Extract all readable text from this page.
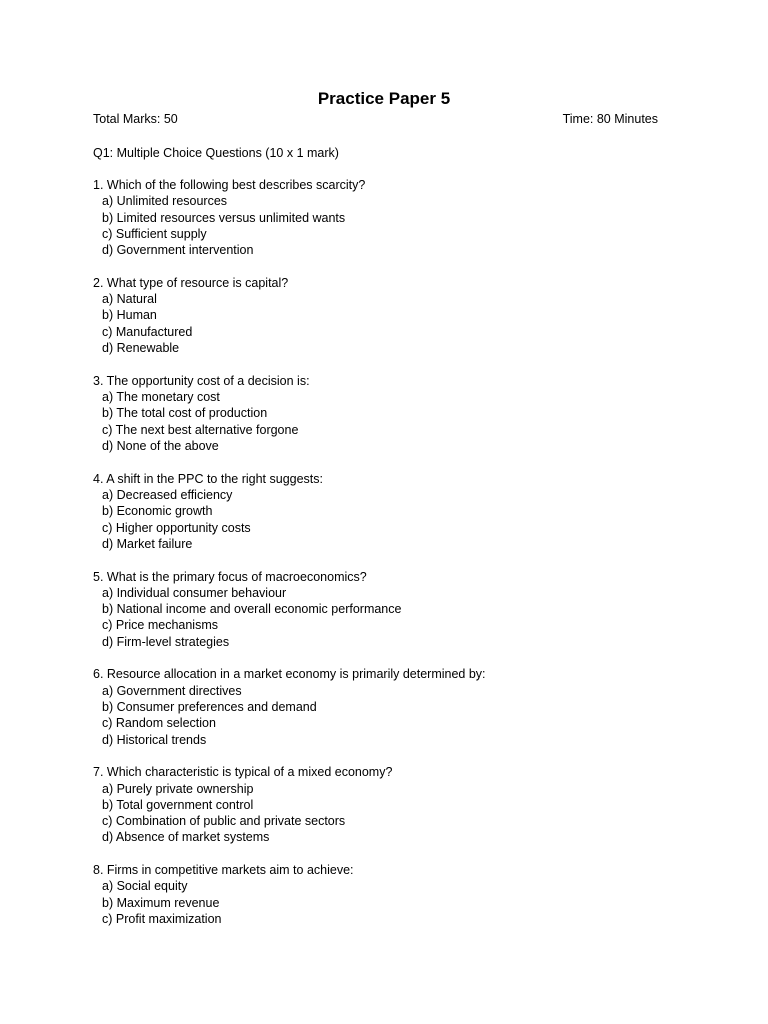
Practice Paper 5
Total Marks: 50	Time: 80 Minutes
Q1: Multiple Choice Questions (10 x 1 mark)
1. Which of the following best describes scarcity?
a) Unlimited resources
b) Limited resources versus unlimited wants
c) Sufficient supply
d) Government intervention
2. What type of resource is capital?
a) Natural
b) Human
c) Manufactured
d) Renewable
3. The opportunity cost of a decision is:
a) The monetary cost
b) The total cost of production
c) The next best alternative forgone
d) None of the above
4. A shift in the PPC to the right suggests:
a) Decreased efficiency
b) Economic growth
c) Higher opportunity costs
d) Market failure
5. What is the primary focus of macroeconomics?
a) Individual consumer behaviour
b) National income and overall economic performance
c) Price mechanisms
d) Firm-level strategies
6. Resource allocation in a market economy is primarily determined by:
a) Government directives
b) Consumer preferences and demand
c) Random selection
d) Historical trends
7. Which characteristic is typical of a mixed economy?
a) Purely private ownership
b) Total government control
c) Combination of public and private sectors
d) Absence of market systems
8. Firms in competitive markets aim to achieve:
a) Social equity
b) Maximum revenue
c) Profit maximization
